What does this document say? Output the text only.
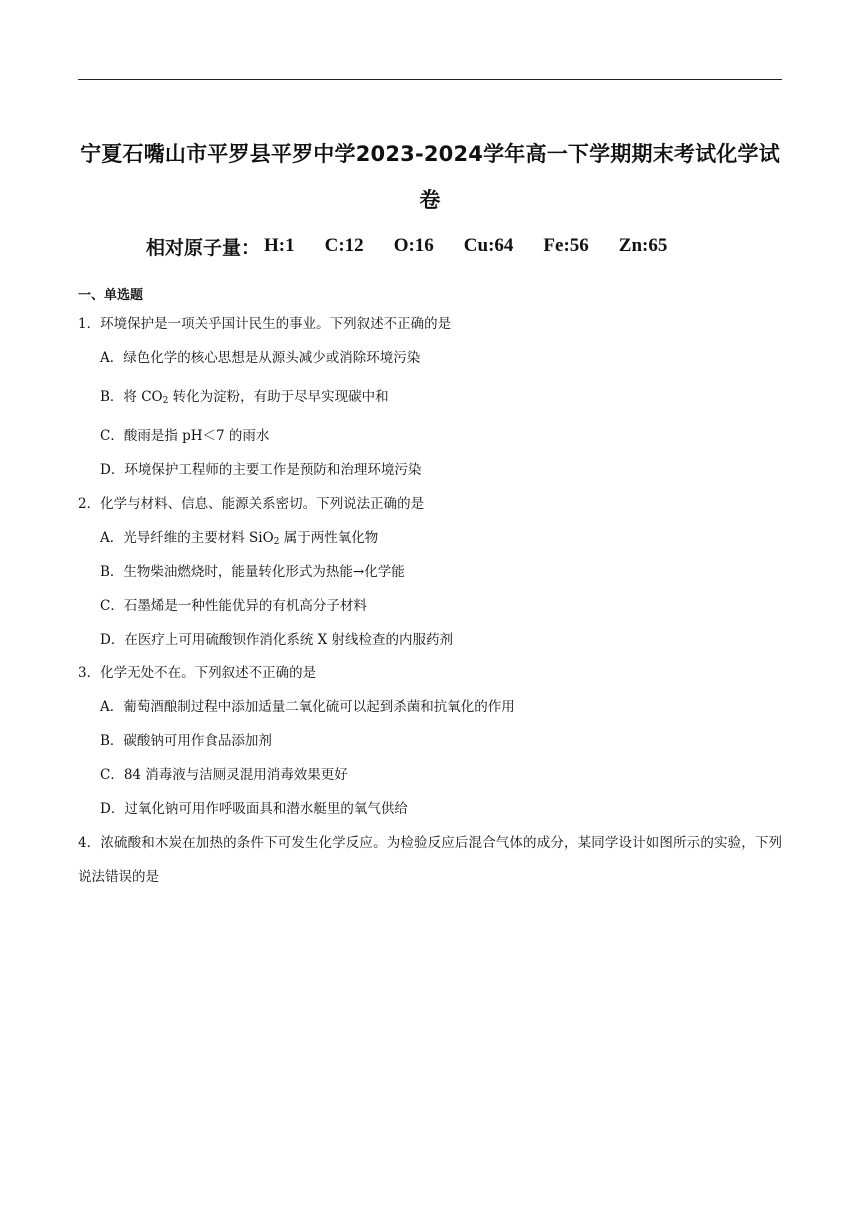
宁夏石嘴山市平罗县平罗中学2023-2024学年高一下学期期末考试化学试卷
相对原子量： H:1 C:12 O:16 Cu:64 Fe:56 Zn:65
一、单选题
1．环境保护是一项关乎国计民生的事业。下列叙述不正确的是
A．绿色化学的核心思想是从源头减少或消除环境污染
B．将 $CO_2$ 转化为淀粉，有助于尽早实现碳中和
C．酸雨是指 pH＜7 的雨水
D．环境保护工程师的主要工作是预防和治理环境污染
2．化学与材料、信息、能源关系密切。下列说法正确的是
A．光导纤维的主要材料 SiO$_2$ 属于两性氧化物
B．生物柴油燃烧时，能量转化形式为热能→化学能
C．石墨烯是一种性能优异的有机高分子材料
D．在医疗上可用硫酸钡作消化系统 X 射线检查的内服药剂
3．化学无处不在。下列叙述不正确的是
A．葡萄酒酿制过程中添加适量二氧化硫可以起到杀菌和抗氧化的作用
B．碳酸钠可用作食品添加剂
C．84 消毒液与洁厕灵混用消毒效果更好
D．过氧化钠可用作呼吸面具和潜水艇里的氧气供给
4．浓硫酸和木炭在加热的条件下可发生化学反应。为检验反应后混合气体的成分，某同学设计如图所示的实验，下列说法错误的是
